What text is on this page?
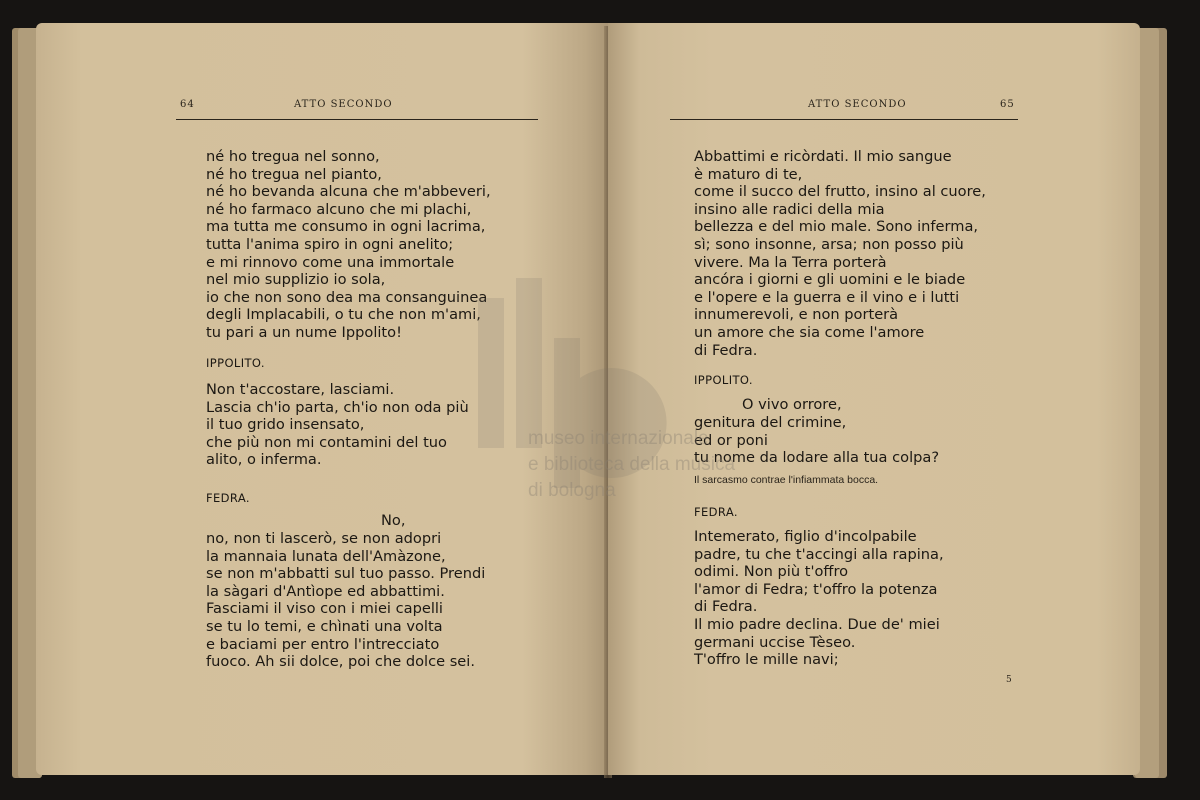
64	ATTO SECONDO
né ho tregua nel sonno,
né ho tregua nel pianto,
né ho bevanda alcuna che m'abbeveri,
né ho farmaco alcuno che mi plachi,
ma tutta me consumo in ogni lacrima,
tutta l'anima spiro in ogni anelito;
e mi rinnovo come una immortale
nel mio supplizio io sola,
io che non sono dea ma consanguinea
degli Implacabili, o tu che non m'ami,
tu pari a un nume Ippolito!
IPPOLITO.
Non t'accostare, lasciami.
Lascia ch'io parta, ch'io non oda più
il tuo grido insensato,
che più non mi contamini del tuo
alito, o inferma.
FEDRA.
No,
no, non ti lascerò, se non adopri
la mannaia lunata dell'Amàzone,
se non m'abbatti sul tuo passo. Prendi
la sàgari d'Antìope ed abbattimi.
Fasciami il viso con i miei capelli
se tu lo temi, e chìnati una volta
e baciami per entro l'intrecciato
fuoco. Ah sii dolce, poi che dolce sei.
ATTO SECONDO	65
Abbattimi e ricòrdati. Il mio sangue
è maturo di te,
come il succo del frutto, insino al cuore,
insino alle radici della mia
bellezza e del mio male. Sono inferma,
sì; sono insonne, arsa; non posso più
vivere. Ma la Terra porterà
ancóra i giorni e gli uomini e le biade
e l'opere e la guerra e il vino e i lutti
innumerevoli, e non porterà
un amore che sia come l'amore
di Fedra.
IPPOLITO.
O vivo orrore,
genitura del crimine,
ed or poni
tu nome da lodare alla tua colpa?
Il sarcasmo contrae l'infiammata bocca.
FEDRA.
Intemerato, figlio d'incolpabile
padre, tu che t'accingi alla rapina,
odimi. Non più t'offro
l'amor di Fedra; t'offro la potenza
di Fedra.
Il mio padre declina. Due de' miei
germani uccise Tèseo.
T'offro le mille navi;
5
museo internazionale
e biblioteca della musica
di bologna
